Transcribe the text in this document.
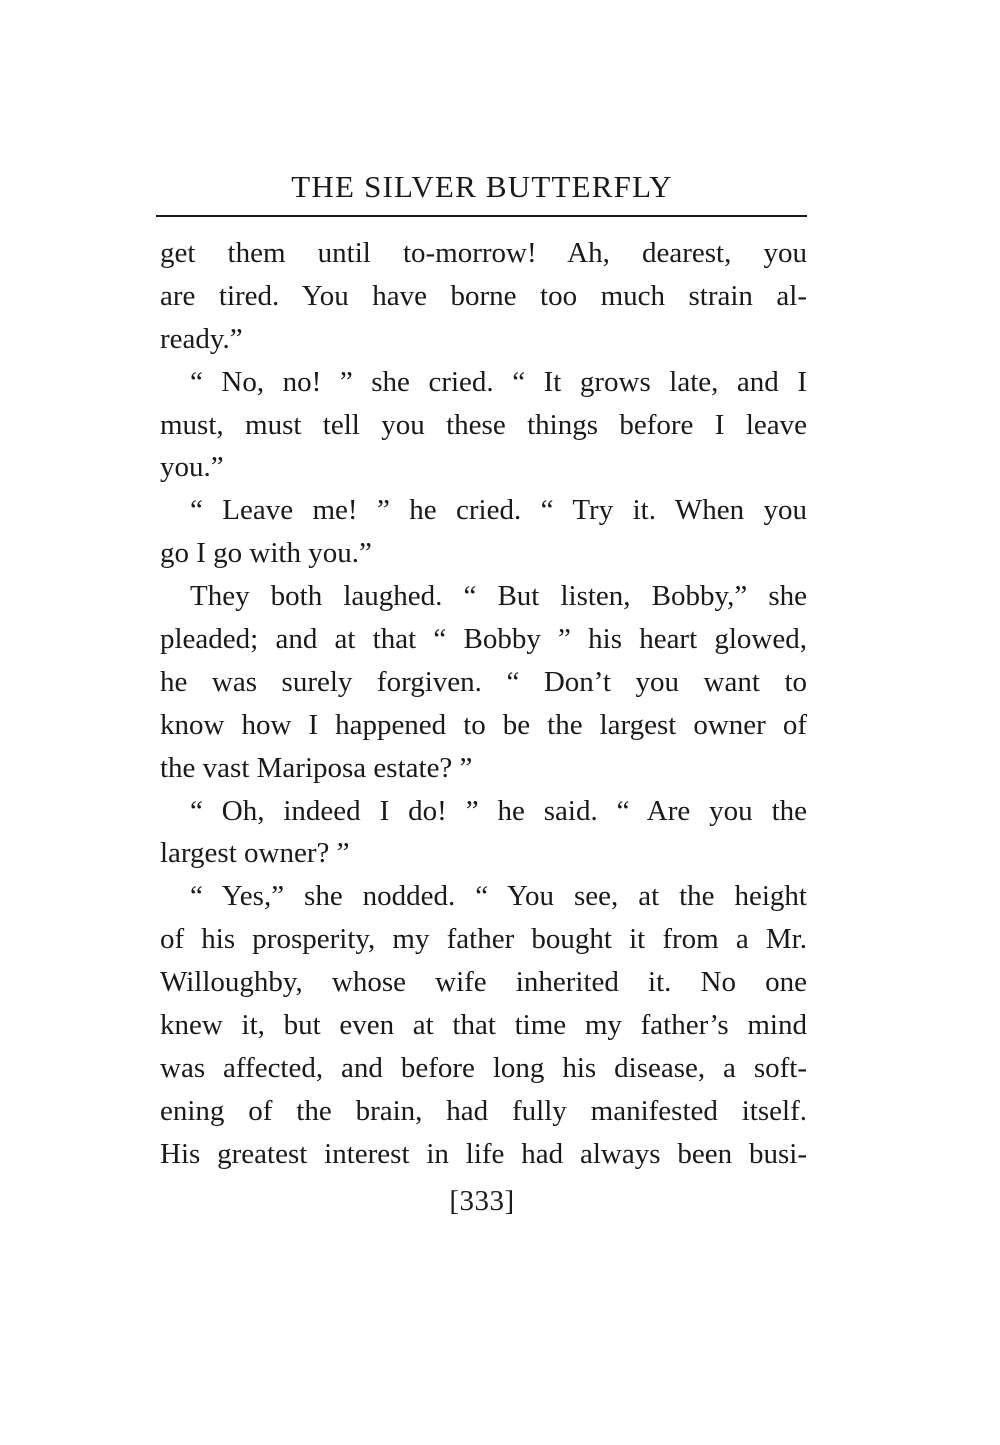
THE SILVER BUTTERFLY
get them until to-morrow! Ah, dearest, you
are tired. You have borne too much strain al-
ready.”
“ No, no! ” she cried. “ It grows late, and I
must, must tell you these things before I leave
you.”
“ Leave me! ” he cried. “ Try it. When you
go I go with you.”
They both laughed. “ But listen, Bobby,” she
pleaded; and at that “ Bobby ” his heart glowed,
he was surely forgiven. “ Don’t you want to
know how I happened to be the largest owner of
the vast Mariposa estate? ”
“ Oh, indeed I do! ” he said. “ Are you the
largest owner? ”
“ Yes,” she nodded. “ You see, at the height
of his prosperity, my father bought it from a Mr.
Willoughby, whose wife inherited it. No one
knew it, but even at that time my father’s mind
was affected, and before long his disease, a soft-
ening of the brain, had fully manifested itself.
His greatest interest in life had always been busi-
[333]
